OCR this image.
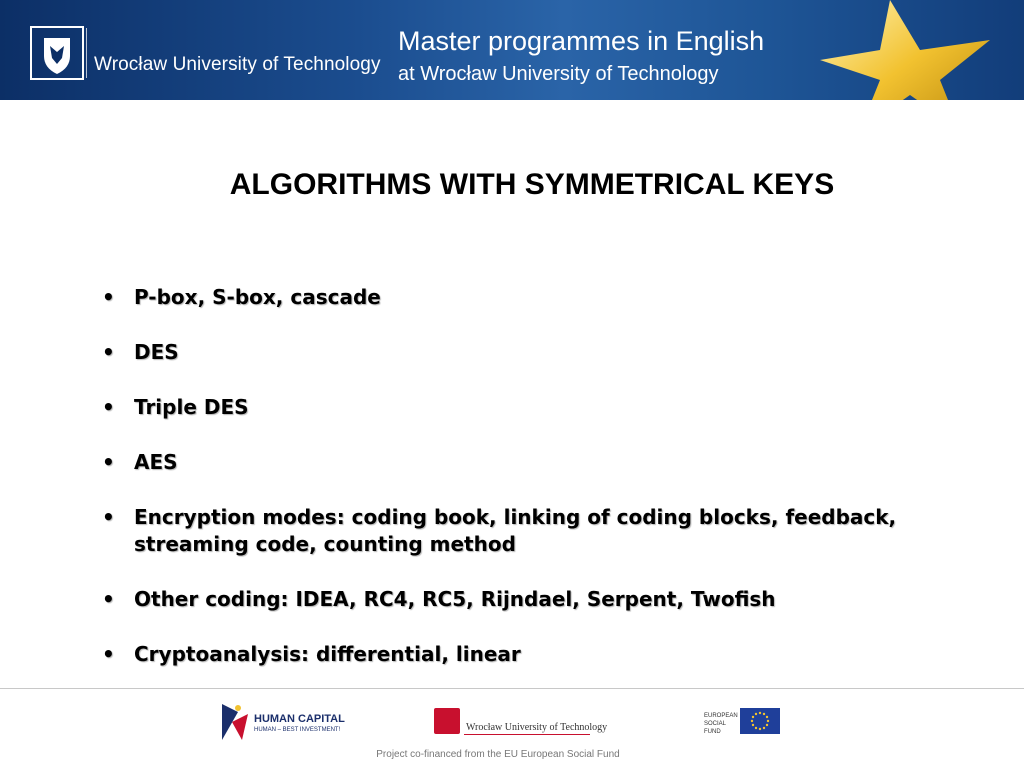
Wrocław University of Technology
Master programmes in English
at Wrocław University of Technology
ALGORITHMS WITH SYMMETRICAL KEYS
• P-box, S-box, cascade
• DES
• Triple DES
• AES
• Encryption modes: coding book, linking of coding blocks, feedback, streaming code, counting method
• Other coding: IDEA, RC4, RC5, Rijndael, Serpent, Twofish
• Cryptoanalysis: differential, linear
HUMAN CAPITAL
HUMAN – BEST INVESTMENT!	Wrocław University of Technology
EUROPEAN SOCIAL FUND
Project co-financed from the EU European Social Fund
